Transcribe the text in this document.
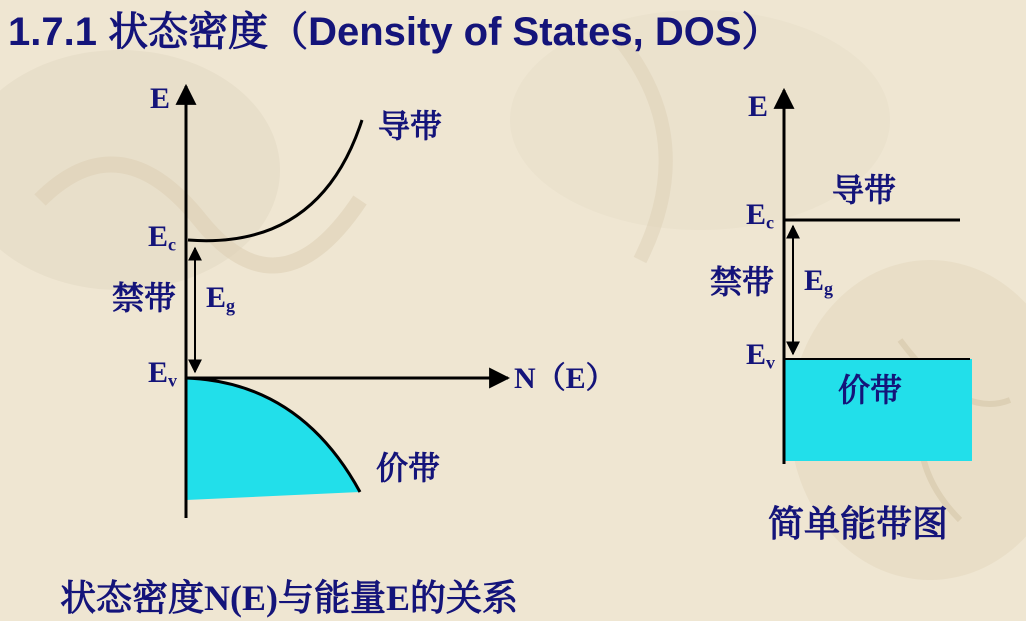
1.7.1 状态密度（Density of States, DOS）
E
$E_c$
禁带 $E_g$
$E_v$
导带
价带
N（E）
状态密度N(E)与能量E的关系
E
$E_c$
禁带 $E_g$
$E_v$
导带
价带
简单能带图
